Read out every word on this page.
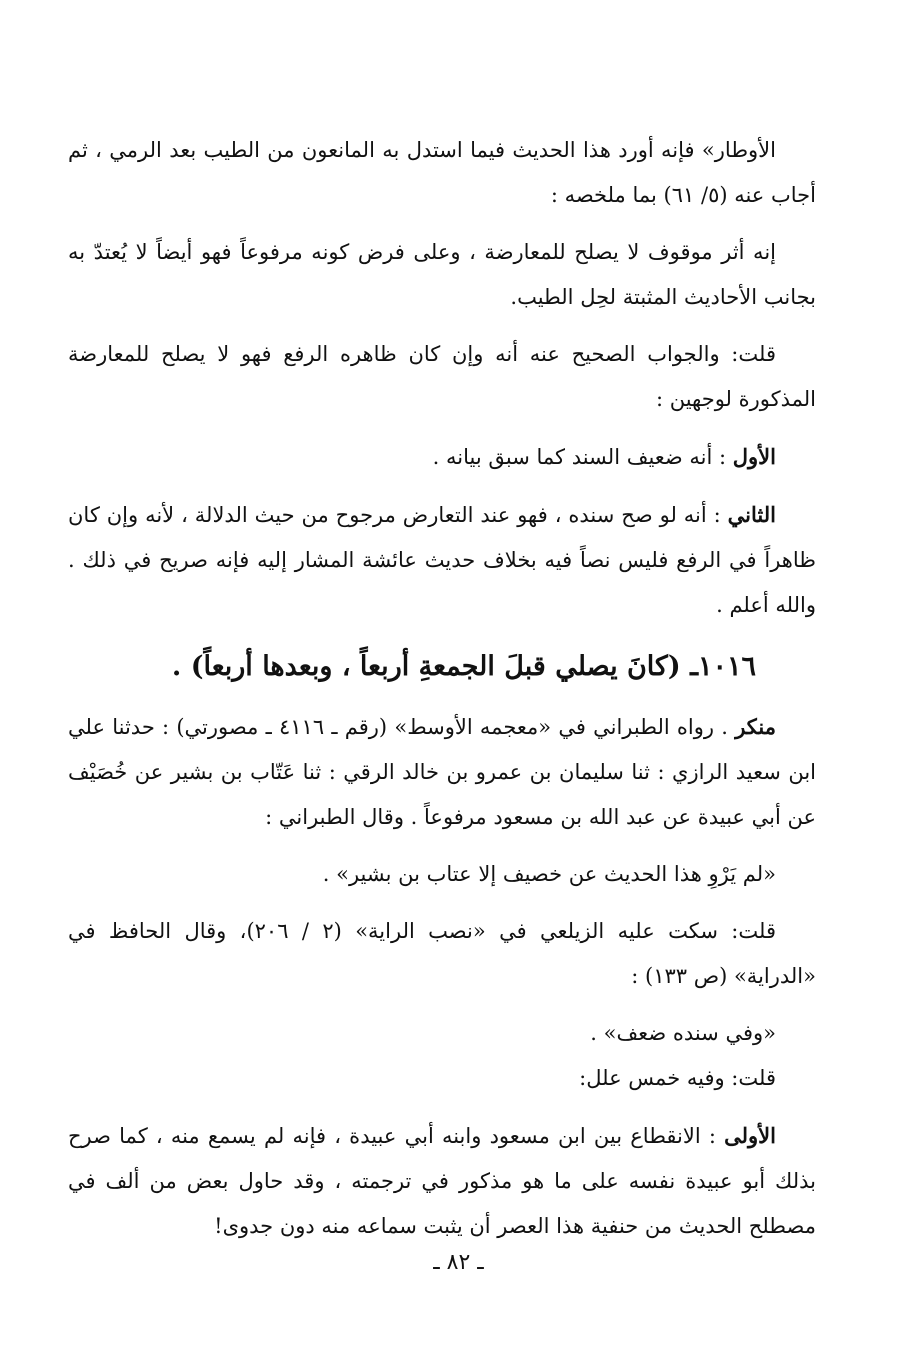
الأوطار» فإنه أورد هذا الحديث فيما استدل به المانعون من الطيب بعد الرمي ، ثم أجاب عنه (٥/ ٦١) بما ملخصه :

إنه أثر موقوف لا يصلح للمعارضة ، وعلى فرض كونه مرفوعاً فهو أيضاً لا يُعتدّ به بجانب الأحاديث المثبتة لحِل الطيب.

قلت: والجواب الصحيح عنه أنه وإن كان ظاهره الرفع فهو لا يصلح للمعارضة المذكورة لوجهين :

الأول : أنه ضعيف السند كما سبق بيانه .

الثاني : أنه لو صح سنده ، فهو عند التعارض مرجوح من حيث الدلالة ، لأنه وإن كان ظاهراً في الرفع فليس نصاً فيه بخلاف حديث عائشة المشار إليه فإنه صريح في ذلك . والله أعلم .

١٠١٦ـ (كانَ يصلي قبلَ الجمعةِ أربعاً ، وبعدها أربعاً) .

منكر . رواه الطبراني في «معجمه الأوسط» (رقم ـ ٤١١٦ ـ مصورتي) : حدثنا علي ابن سعيد الرازي : ثنا سليمان بن عمرو بن خالد الرقي : ثنا عَتّاب بن بشير عن خُصَيْف عن أبي عبيدة عن عبد الله بن مسعود مرفوعاً . وقال الطبراني :

«لم يَرْوِ هذا الحديث عن خصيف إلا عتاب بن بشير» .

قلت: سكت عليه الزيلعي في «نصب الراية» (٢ / ٢٠٦)، وقال الحافظ في «الدراية» (ص ١٣٣) :

«وفي سنده ضعف» .

قلت: وفيه خمس علل:

الأولى : الانقطاع بين ابن مسعود وابنه أبي عبيدة ، فإنه لم يسمع منه ، كما صرح بذلك أبو عبيدة نفسه على ما هو مذكور في ترجمته ، وقد حاول بعض من ألف في مصطلح الحديث من حنفية هذا العصر أن يثبت سماعه منه دون جدوى!

ـ ٨٢ ـ
